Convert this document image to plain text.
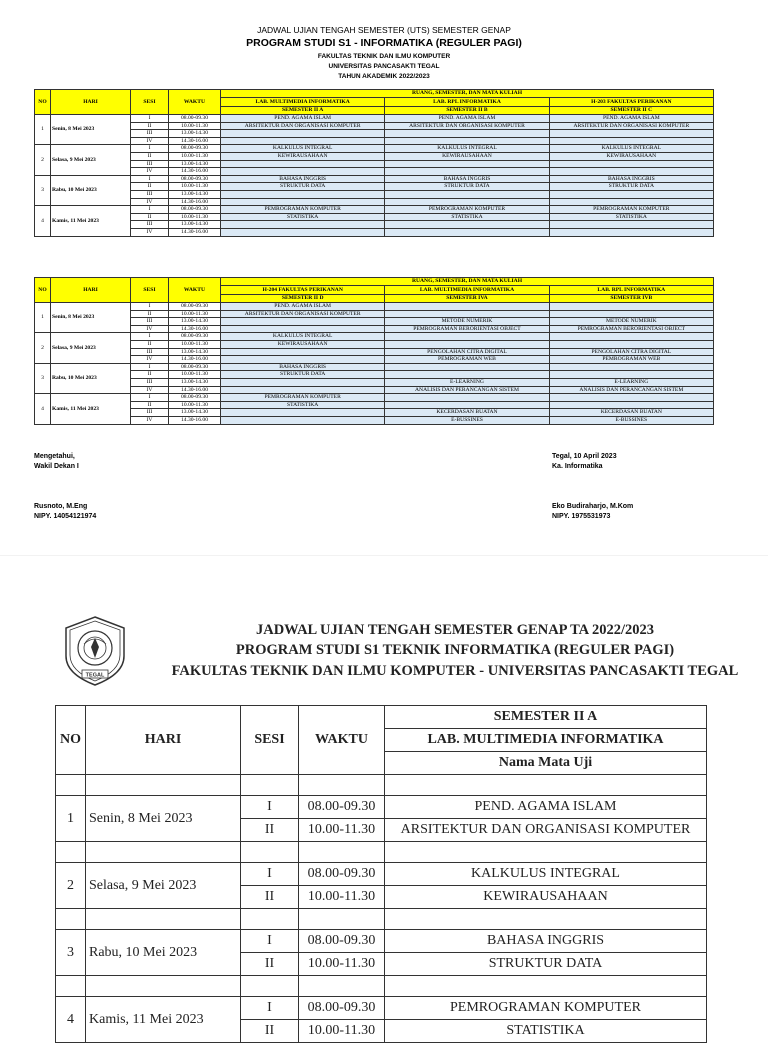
JADWAL UJIAN TENGAH SEMESTER (UTS) SEMESTER GENAP
PROGRAM STUDI S1 - INFORMATIKA (REGULER PAGI)
FAKULTAS TEKNIK DAN ILMU KOMPUTER
UNIVERSITAS PANCASAKTI TEGAL
TAHUN AKADEMIK 2022/2023
NO	HARI	SESI	WAKTU	RUANG, SEMESTER, DAN MATA KULIAH		
				LAB. MULTIMEDIA INFORMATIKA	LAB. RPL INFORMATIKA	H-203 FAKULTAS PERIKANAN
				SEMESTER II A	SEMESTER II B	SEMESTER II C
1	Senin, 8 Mei 2023	I	08.00-09.30	PEND. AGAMA ISLAM	PEND. AGAMA ISLAM	PEND. AGAMA ISLAM
		II	10.00-11.30	ARSITEKTUR DAN ORGANISASI KOMPUTER	ARSITEKTUR DAN ORGANISASI KOMPUTER	ARSITEKTUR DAN ORGANISASI KOMPUTER
		III	13.00-14.30			
		IV	14.30-16.00			
2	Selasa, 9 Mei 2023	I	08.00-09.30	KALKULUS INTEGRAL	KALKULUS INTEGRAL	KALKULUS INTEGRAL
		II	10.00-11.30	KEWIRAUSAHAAN	KEWIRAUSAHAAN	KEWIRAUSAHAAN
		III	13.00-14.30			
		IV	14.30-16.00			
3	Rabu, 10 Mei 2023	I	08.00-09.30	BAHASA INGGRIS	BAHASA INGGRIS	BAHASA INGGRIS
		II	10.00-11.30	STRUKTUR DATA	STRUKTUR DATA	STRUKTUR DATA
		III	13.00-14.30			
		IV	14.30-16.00			
4	Kamis, 11 Mei 2023	I	08.00-09.30	PEMROGRAMAN KOMPUTER	PEMROGRAMAN KOMPUTER	PEMROGRAMAN KOMPUTER
		II	10.00-11.30	STATISTIKA	STATISTIKA	STATISTIKA
		III	13.00-14.30			
		IV	14.30-16.00			
NO	HARI	SESI	WAKTU	RUANG, SEMESTER, DAN MATA KULIAH		
				H-204 FAKULTAS PERIKANAN	LAB. MULTIMEDIA INFORMATIKA	LAB. RPL INFORMATIKA
				SEMESTER II D	SEMESTER IVA	SEMESTER IVB
1	Senin, 8 Mei 2023	I	08.00-09.30	PEND. AGAMA ISLAM		
		II	10.00-11.30	ARSITEKTUR DAN ORGANISASI KOMPUTER		
		III	13.00-14.30		METODE NUMERIK	METODE NUMERIK
		IV	14.30-16.00		PEMROGRAMAN BERORIENTASI OBJECT	PEMROGRAMAN BERORIENTASI OBJECT
2	Selasa, 9 Mei 2023	I	08.00-09.30	KALKULUS INTEGRAL		
		II	10.00-11.30	KEWIRAUSAHAAN		
		III	13.00-14.30		PENGOLAHAN CITRA DIGITAL	PENGOLAHAN CITRA DIGITAL
		IV	14.30-16.00		PEMROGRAMAN WEB	PEMROGRAMAN WEB
3	Rabu, 10 Mei 2023	I	08.00-09.30	BAHASA INGGRIS		
		II	10.00-11.30	STRUKTUR DATA		
		III	13.00-14.30		E-LEARNING	E-LEARNING
		IV	14.30-16.00		ANALISIS DAN PERANCANGAN SISTEM	ANALISIS DAN PERANCANGAN SISTEM
4	Kamis, 11 Mei 2023	I	08.00-09.30	PEMROGRAMAN KOMPUTER		
		II	10.00-11.30	STATISTIKA		
		III	13.00-14.30		KECERDASAN BUATAN	KECERDASAN BUATAN
		IV	14.30-16.00		E-BUSSINES	E-BUSSINES
Mengetahui,
Wakil Dekan I
Rusnoto, M.Eng
NIPY. 14054121974
Tegal, 10 April 2023
Ka. Informatika
Eko Budiraharjo, M.Kom
NIPY. 1975531973
TEGAL
JADWAL UJIAN TENGAH SEMESTER GENAP TA 2022/2023
PROGRAM STUDI S1 TEKNIK INFORMATIKA (REGULER PAGI)
FAKULTAS TEKNIK DAN ILMU KOMPUTER - UNIVERSITAS PANCASAKTI TEGAL
NO	HARI	SESI	WAKTU	SEMESTER II A
				LAB. MULTIMEDIA INFORMATIKA
				Nama Mata Uji

1	Senin, 8 Mei 2023	I	08.00-09.30	PEND. AGAMA ISLAM
		II	10.00-11.30	ARSITEKTUR DAN ORGANISASI KOMPUTER

2	Selasa, 9 Mei 2023	I	08.00-09.30	KALKULUS INTEGRAL
		II	10.00-11.30	KEWIRAUSAHAAN

3	Rabu, 10 Mei 2023	I	08.00-09.30	BAHASA INGGRIS
		II	10.00-11.30	STRUKTUR DATA

4	Kamis, 11 Mei 2023	I	08.00-09.30	PEMROGRAMAN KOMPUTER
		II	10.00-11.30	STATISTIKA
